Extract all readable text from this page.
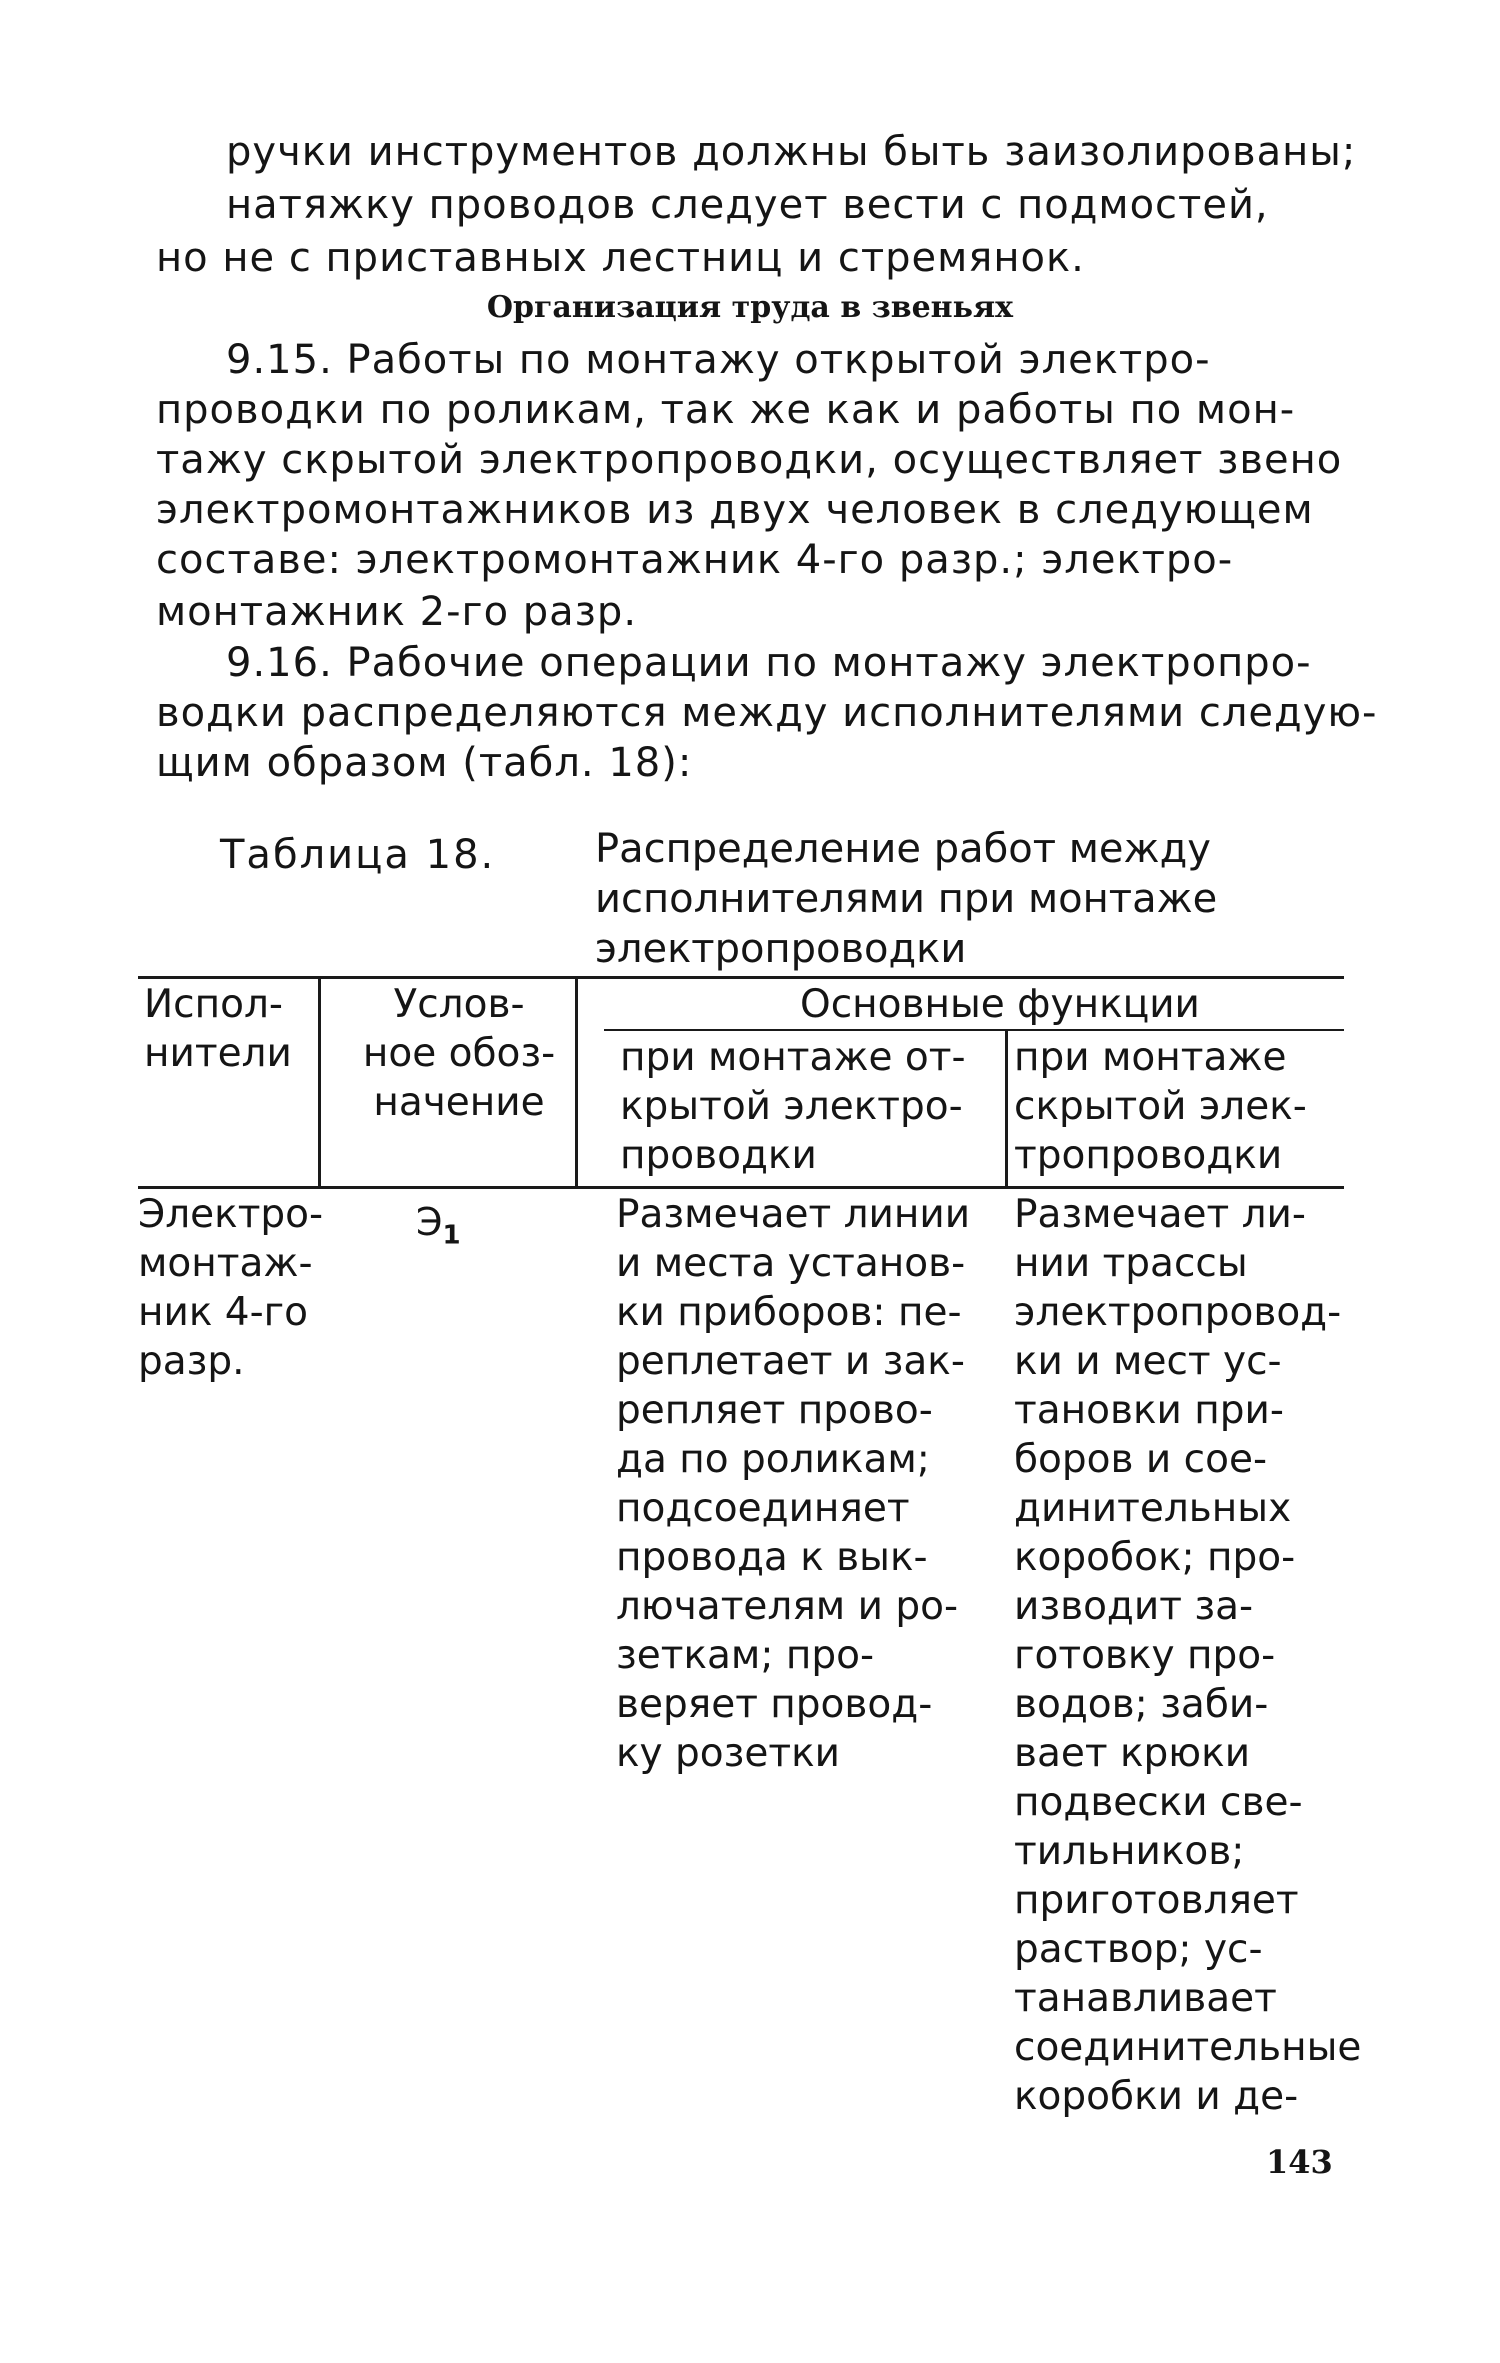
ручки инструментов должны быть заизолированы;
натяжку проводов следует вести с подмостей,
но не с приставных лестниц и стремянок.
Организация труда в звеньях
9.15. Работы по монтажу открытой электро-
проводки по роликам, так же как и работы по мон-
тажу скрытой электропроводки, осуществляет звено
электромонтажников из двух человек в следующем
составе: электромонтажник 4-го разр.; электро-
монтажник 2-го разр.
9.16. Рабочие операции по монтажу электропро-
водки распределяются между исполнителями следую-
щим образом (табл. 18):
Таблица 18. Распределение работ между
исполнителями при монтаже
электропроводки
Испол-
нители
Услов-
ное обоз-
начение
Основные функции
при монтаже от-
крытой электро-
проводки
при монтаже
скрытой элек-
тропроводки
Электро-
монтаж-
ник 4-го
разр.
$Э_1$	Размечает линии
и места установ-
ки приборов: пе-
реплетает и зак-
репляет прово-
да по роликам;
подсоединяет
провода к вык-
лючателям и ро-
зеткам; про-
веряет провод-
ку розетки
Размечает ли-
нии трассы
электропровод-
ки и мест ус-
тановки при-
боров и сое-
динительных
коробок; про-
изводит за-
готовку про-
водов; заби-
вает крюки
подвески све-
тильников;
приготовляет
раствор; ус-
танавливает
соединительные
коробки и де-
143
